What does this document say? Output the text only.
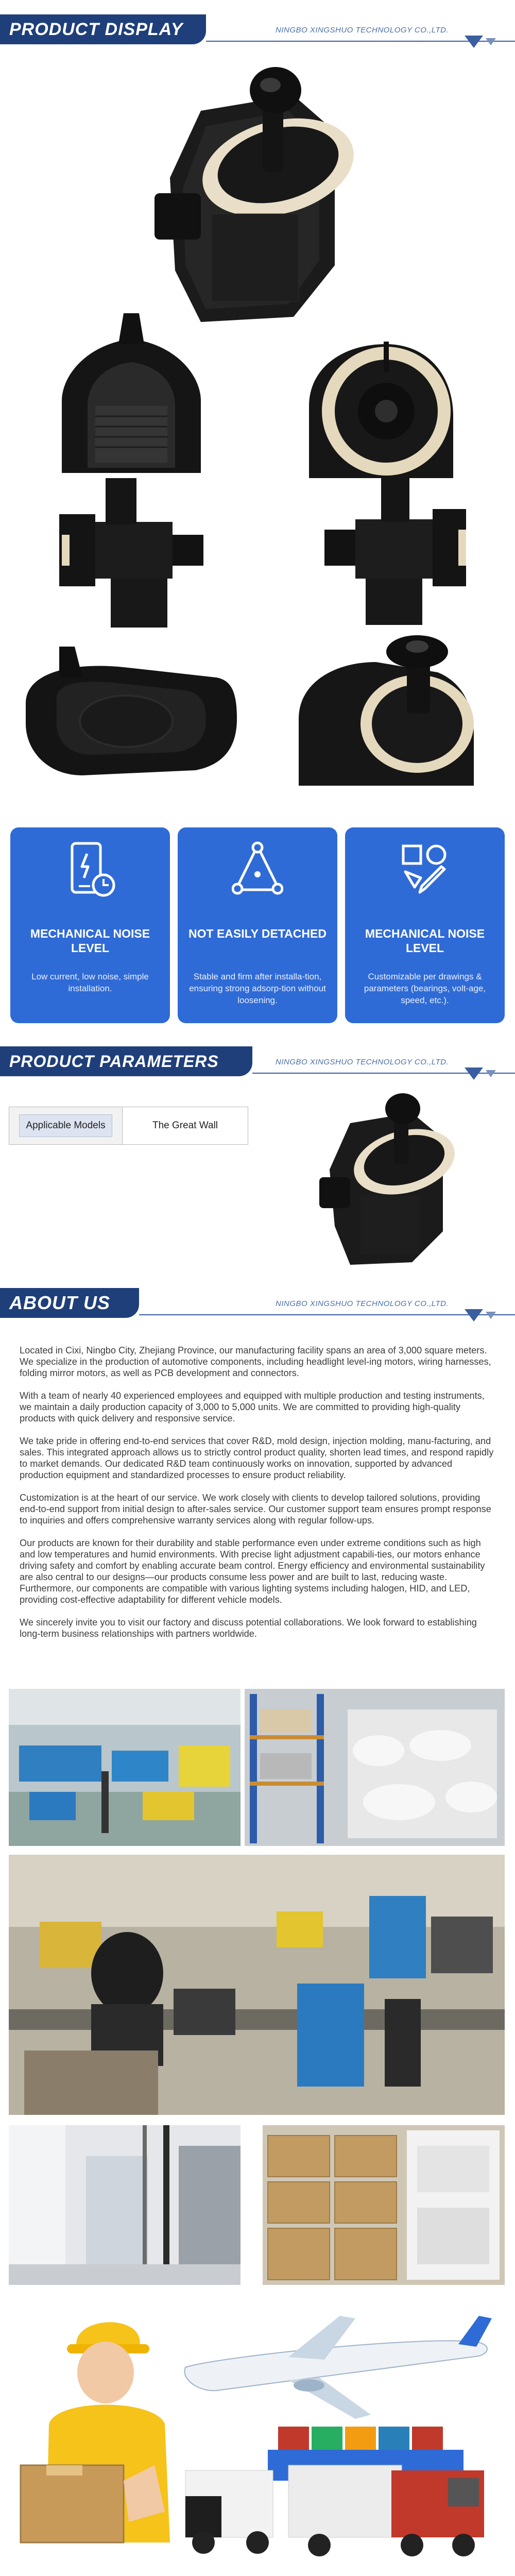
PRODUCT DISPLAY	NINGBO XINGSHUO TECHNOLOGY CO.,LTD.
MECHANICAL NOISE LEVEL
Low current, low noise, simple installation.
NOT EASILY DETACHED
Stable and firm after installa-tion, ensuring strong adsorp-tion without loosening.
MECHANICAL NOISE LEVEL
Customizable per drawings & parameters (bearings, volt-age, speed, etc.).
PRODUCT PARAMETERS	NINGBO XINGSHUO TECHNOLOGY CO.,LTD.
Applicable Models	The Great Wall
ABOUT US	NINGBO XINGSHUO TECHNOLOGY CO.,LTD.

Located in Cixi, Ningbo City, Zhejiang Province, our manufacturing facility spans an area of 3,000 square meters. We specialize in the production of automotive components, including headlight level-ing motors, wiring harnesses, folding mirror motors, as well as PCB development and connectors.

With a team of nearly 40 experienced employees and equipped with multiple production and testing instruments, we maintain a daily production capacity of 3,000 to 5,000 units. We are committed to providing high-quality products with quick delivery and responsive service.

We take pride in offering end-to-end services that cover R&D, mold design, injection molding, manu-facturing, and sales. This integrated approach allows us to strictly control product quality, shorten lead times, and respond rapidly to market demands. Our dedicated R&D team continuously works on innovation, supported by advanced production equipment and standardized processes to ensure product reliability.

Customization is at the heart of our service. We work closely with clients to develop tailored solutions, providing end-to-end support from initial design to after-sales service. Our customer support team ensures prompt response to inquiries and offers comprehensive warranty services along with regular follow-ups.

Our products are known for their durability and stable performance even under extreme conditions such as high and low temperatures and humid environments. With precise light adjustment capabili-ties, our motors enhance driving safety and comfort by enabling accurate beam control. Energy efficiency and environmental sustainability are also central to our designs—our products consume less power and are built to last, reducing waste. Furthermore, our components are compatible with various lighting systems including halogen, HID, and LED, providing cost-effective adaptability for different vehicle models.

We sincerely invite you to visit our factory and discuss potential collaborations. We look forward to establishing long-term business relationships with partners worldwide.
